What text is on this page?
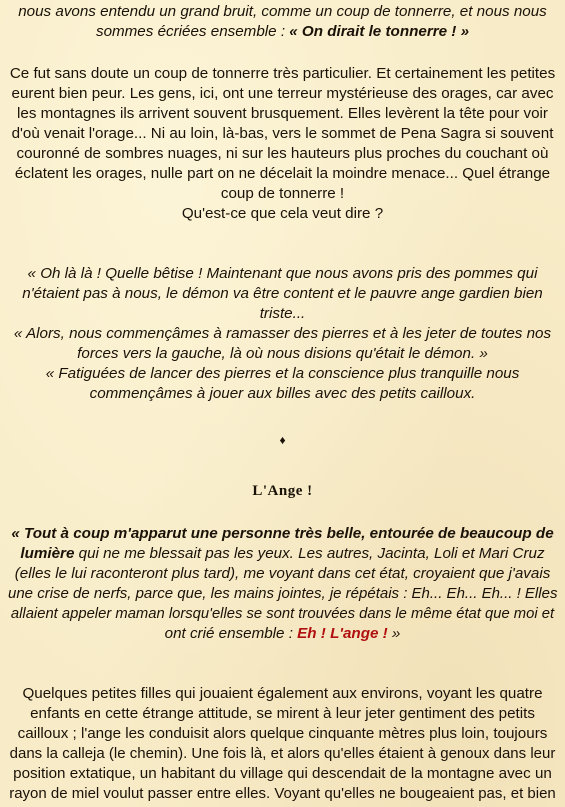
nous avons entendu un grand bruit, comme un coup de tonnerre, et nous nous
sommes écriées ensemble : « On dirait le tonnerre ! »

Ce fut sans doute un coup de tonnerre très particulier. Et certainement les petites
eurent bien peur. Les gens, ici, ont une terreur mystérieuse des orages, car avec
les montagnes ils arrivent souvent brusquement. Elles levèrent la tête pour voir
d'où venait l'orage... Ni au loin, là-bas, vers le sommet de Pena Sagra si souvent
couronné de sombres nuages, ni sur les hauteurs plus proches du couchant où
éclatent les orages, nulle part on ne décelait la moindre menace... Quel étrange
coup de tonnerre !
Qu'est-ce que cela veut dire ?

« Oh là là ! Quelle bêtise ! Maintenant que nous avons pris des pommes qui
n'étaient pas à nous, le démon va être content et le pauvre ange gardien bien
triste...
« Alors, nous commençâmes à ramasser des pierres et à les jeter de toutes nos
forces vers la gauche, là où nous disions qu'était le démon. »
« Fatiguées de lancer des pierres et la conscience plus tranquille nous
commençâmes à jouer aux billes avec des petits cailloux.

♦
L'Ange !

« Tout à coup m'apparut une personne très belle, entourée de beaucoup de
lumière qui ne me blessait pas les yeux. Les autres, Jacinta, Loli et Mari Cruz
(elles le lui raconteront plus tard), me voyant dans cet état, croyaient que j'avais
une crise de nerfs, parce que, les mains jointes, je répétais : Eh... Eh... Eh... ! Elles
allaient appeler maman lorsqu'elles se sont trouvées dans le même état que moi et
ont crié ensemble : Eh ! L'ange ! »

Quelques petites filles qui jouaient également aux environs, voyant les quatre
enfants en cette étrange attitude, se mirent à leur jeter gentiment des petits
cailloux ; l'ange les conduisit alors quelque cinquante mètres plus loin, toujours
dans la calleja (le chemin). Une fois là, et alors qu'elles étaient à genoux dans leur
position extatique, un habitant du village qui descendait de la montagne avec un
rayon de miel voulut passer entre elles. Voyant qu'elles ne bougeaient pas, et bien
